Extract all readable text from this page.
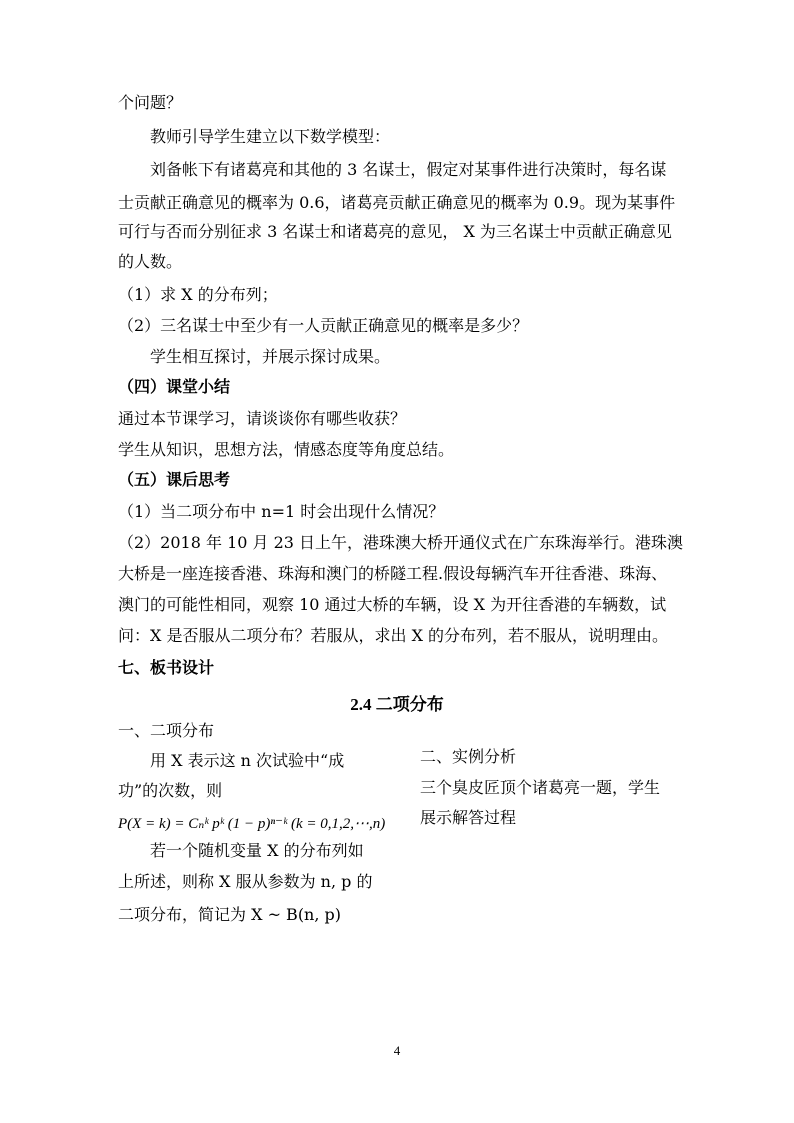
个问题？
教师引导学生建立以下数学模型：
刘备帐下有诸葛亮和其他的 3 名谋士，假定对某事件进行决策时，每名谋
士贡献正确意见的概率为 0.6，诸葛亮贡献正确意见的概率为 0.9。现为某事件
可行与否而分别征求 3 名谋士和诸葛亮的意见， X 为三名谋士中贡献正确意见
的人数。
（1）求 X 的分布列；
（2）三名谋士中至少有一人贡献正确意见的概率是多少？
学生相互探讨，并展示探讨成果。
（四）课堂小结
通过本节课学习，请谈谈你有哪些收获？
学生从知识，思想方法，情感态度等角度总结。
（五）课后思考
（1）当二项分布中 n=1 时会出现什么情况？
（2）2018 年 10 月 23 日上午，港珠澳大桥开通仪式在广东珠海举行。港珠澳
大桥是一座连接香港、珠海和澳门的桥隧工程.假设每辆汽车开往香港、珠海、
澳门的可能性相同，观察 10 通过大桥的车辆，设 X 为开往香港的车辆数，试
问：X 是否服从二项分布？若服从，求出 X 的分布列，若不服从，说明理由。
七、板书设计
2.4 二项分布
一、二项分布
用 X 表示这 n 次试验中“成
功”的次数，则
P(X = k) = Cₙᵏ pᵏ (1 − p)ⁿ⁻ᵏ (k = 0,1,2,⋯,n)
若一个随机变量 X 的分布列如
上所述，则称 X 服从参数为 n, p 的
二项分布，简记为 X ~ B(n, p)
二、实例分析
三个臭皮匠顶个诸葛亮一题，学生
展示解答过程
4
